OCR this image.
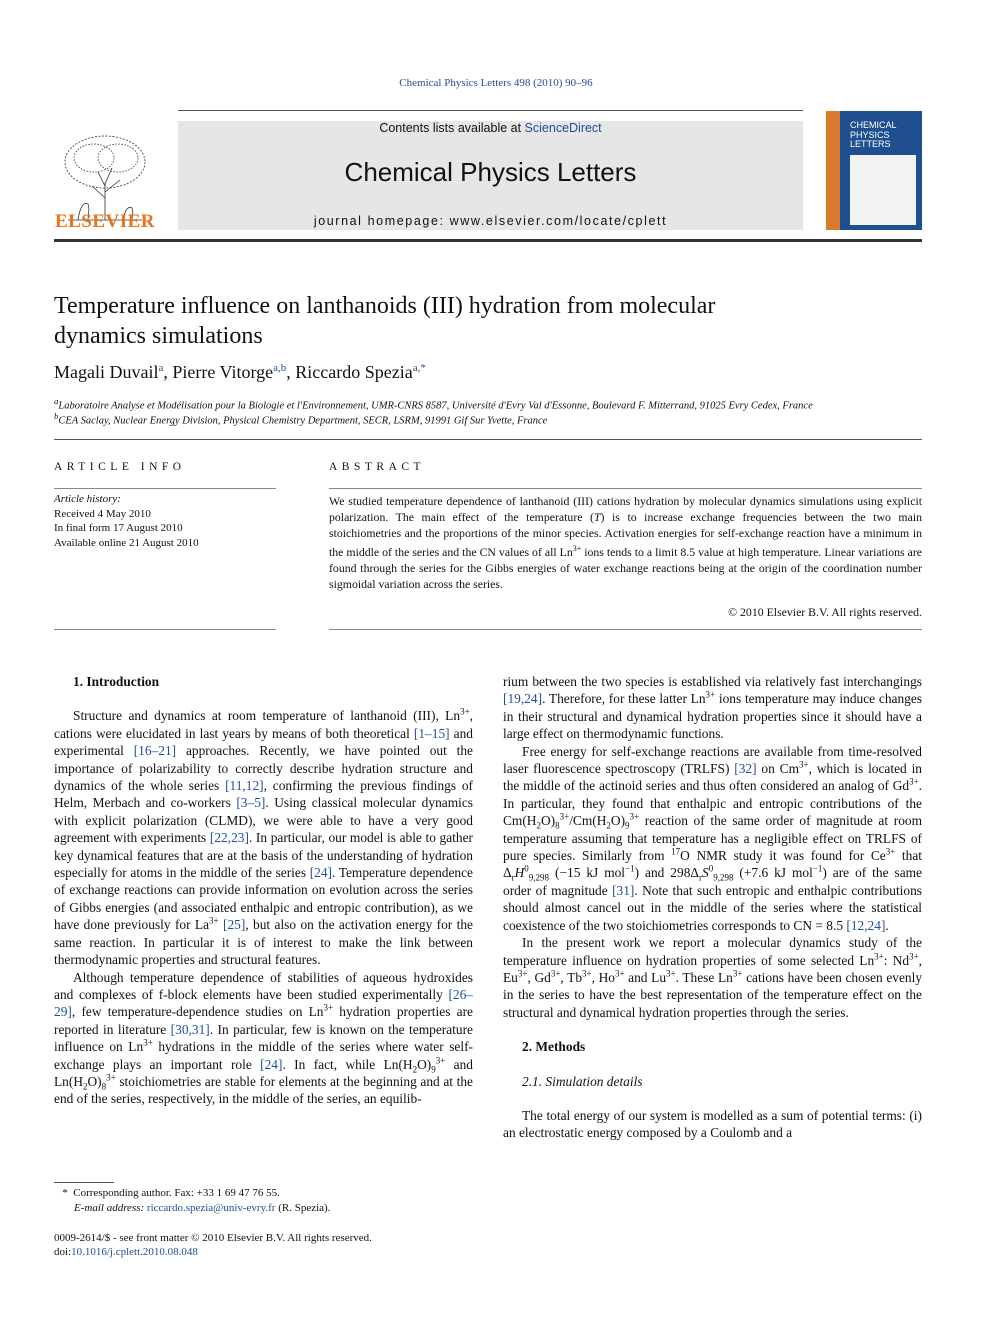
Chemical Physics Letters 498 (2010) 90–96
ELSEVIER
Contents lists available at ScienceDirect
Chemical Physics Letters
journal homepage: www.elsevier.com/locate/cplett
CHEMICAL
PHYSICS
LETTERS
Temperature influence on lanthanoids (III) hydration from molecular
dynamics simulations
Magali Duvail$^a$, Pierre Vitorge$^{a,b}$, Riccardo Spezia$^{a,*}$
$^a$Laboratoire Analyse et Modélisation pour la Biologie et l'Environnement, UMR-CNRS 8587, Université d'Evry Val d'Essonne, Boulevard F. Mitterrand, 91025 Evry Cedex, France
$^b$CEA Saclay, Nuclear Energy Division, Physical Chemistry Department, SECR, LSRM, 91991 Gif Sur Yvette, France
ARTICLE INFO	ABSTRACT
Article history:
Received 4 May 2010
In final form 17 August 2010
Available online 21 August 2010
We studied temperature dependence of lanthanoid (III) cations hydration by molecular dynamics simulations using explicit polarization. The main effect of the temperature (T) is to increase exchange frequencies between the two main stoichiometries and the proportions of the minor species. Activation energies for self-exchange reaction have a minimum in the middle of the series and the CN values of all $Ln^{3+}$ ions tends to a limit 8.5 value at high temperature. Linear variations are found through the series for the Gibbs energies of water exchange reactions being at the origin of the coordination number sigmoidal variation across the series.
© 2010 Elsevier B.V. All rights reserved.

1. Introduction

Structure and dynamics at room temperature of lanthanoid (III), $Ln^{3+}$, cations were elucidated in last years by means of both theoretical [1–15] and experimental [16–21] approaches. Recently, we have pointed out the importance of polarizability to correctly describe hydration structure and dynamics of the whole series [11,12], confirming the previous findings of Helm, Merbach and co-workers [3–5]. Using classical molecular dynamics with explicit polarization (CLMD), we were able to have a very good agreement with experiments [22,23]. In particular, our model is able to gather key dynamical features that are at the basis of the understanding of hydration especially for atoms in the middle of the series [24]. Temperature dependence of exchange reactions can provide information on evolution across the series of Gibbs energies (and associated enthalpic and entropic contribution), as we have done previously for $La^{3+}$ [25], but also on the activation energy for the same reaction. In particular it is of interest to make the link between thermodynamic properties and structural features.

Although temperature dependence of stabilities of aqueous hydroxides and complexes of f-block elements have been studied experimentally [26–29], few temperature-dependence studies on $Ln^{3+}$ hydration properties are reported in literature [30,31]. In particular, few is known on the temperature influence on $Ln^{3+}$ hydrations in the middle of the series where water self-exchange plays an important role [24]. In fact, while $Ln(H_2O)_9^{3+}$ and $Ln(H_2O)_8^{3+}$ stoichiometries are stable for elements at the beginning and at the end of the series, respectively, in the middle of the series, an equilib-

rium between the two species is established via relatively fast interchangings [19,24]. Therefore, for these latter $Ln^{3+}$ ions temperature may induce changes in their structural and dynamical hydration properties since it should have a large effect on thermodynamic functions.

Free energy for self-exchange reactions are available from time-resolved laser fluorescence spectroscopy (TRLFS) [32] on $Cm^{3+}$, which is located in the middle of the actinoid series and thus often considered an analog of $Gd^{3+}$. In particular, they found that enthalpic and entropic contributions of the $Cm(H_2O)_8^{3+}/Cm(H_2O)_9^{3+}$ reaction of the same order of magnitude at room temperature assuming that temperature has a negligible effect on TRLFS of pure species. Similarly from $^{17}$O NMR study it was found for $Ce^{3+}$ that $\Delta_rH^0_{9,298}$ (−15 kJ mol$^{-1}$) and $298\Delta_rS^0_{9,298}$ (+7.6 kJ mol$^{-1}$) are of the same order of magnitude [31]. Note that such entropic and enthalpic contributions should almost cancel out in the middle of the series where the statistical coexistence of the two stoichiometries corresponds to CN = 8.5 [12,24].

In the present work we report a molecular dynamics study of the temperature influence on hydration properties of some selected $Ln^{3+}$: $Nd^{3+}$, $Eu^{3+}$, $Gd^{3+}$, $Tb^{3+}$, $Ho^{3+}$ and $Lu^{3+}$. These $Ln^{3+}$ cations have been chosen evenly in the series to have the best representation of the temperature effect on the structural and dynamical hydration properties through the series.

2. Methods

2.1. Simulation details

The total energy of our system is modelled as a sum of potential terms: (i) an electrostatic energy composed by a Coulomb and a

* Corresponding author. Fax: +33 1 69 47 76 55.
E-mail address: riccardo.spezia@univ-evry.fr (R. Spezia).
0009-2614/$ - see front matter © 2010 Elsevier B.V. All rights reserved.
doi:10.1016/j.cplett.2010.08.048
